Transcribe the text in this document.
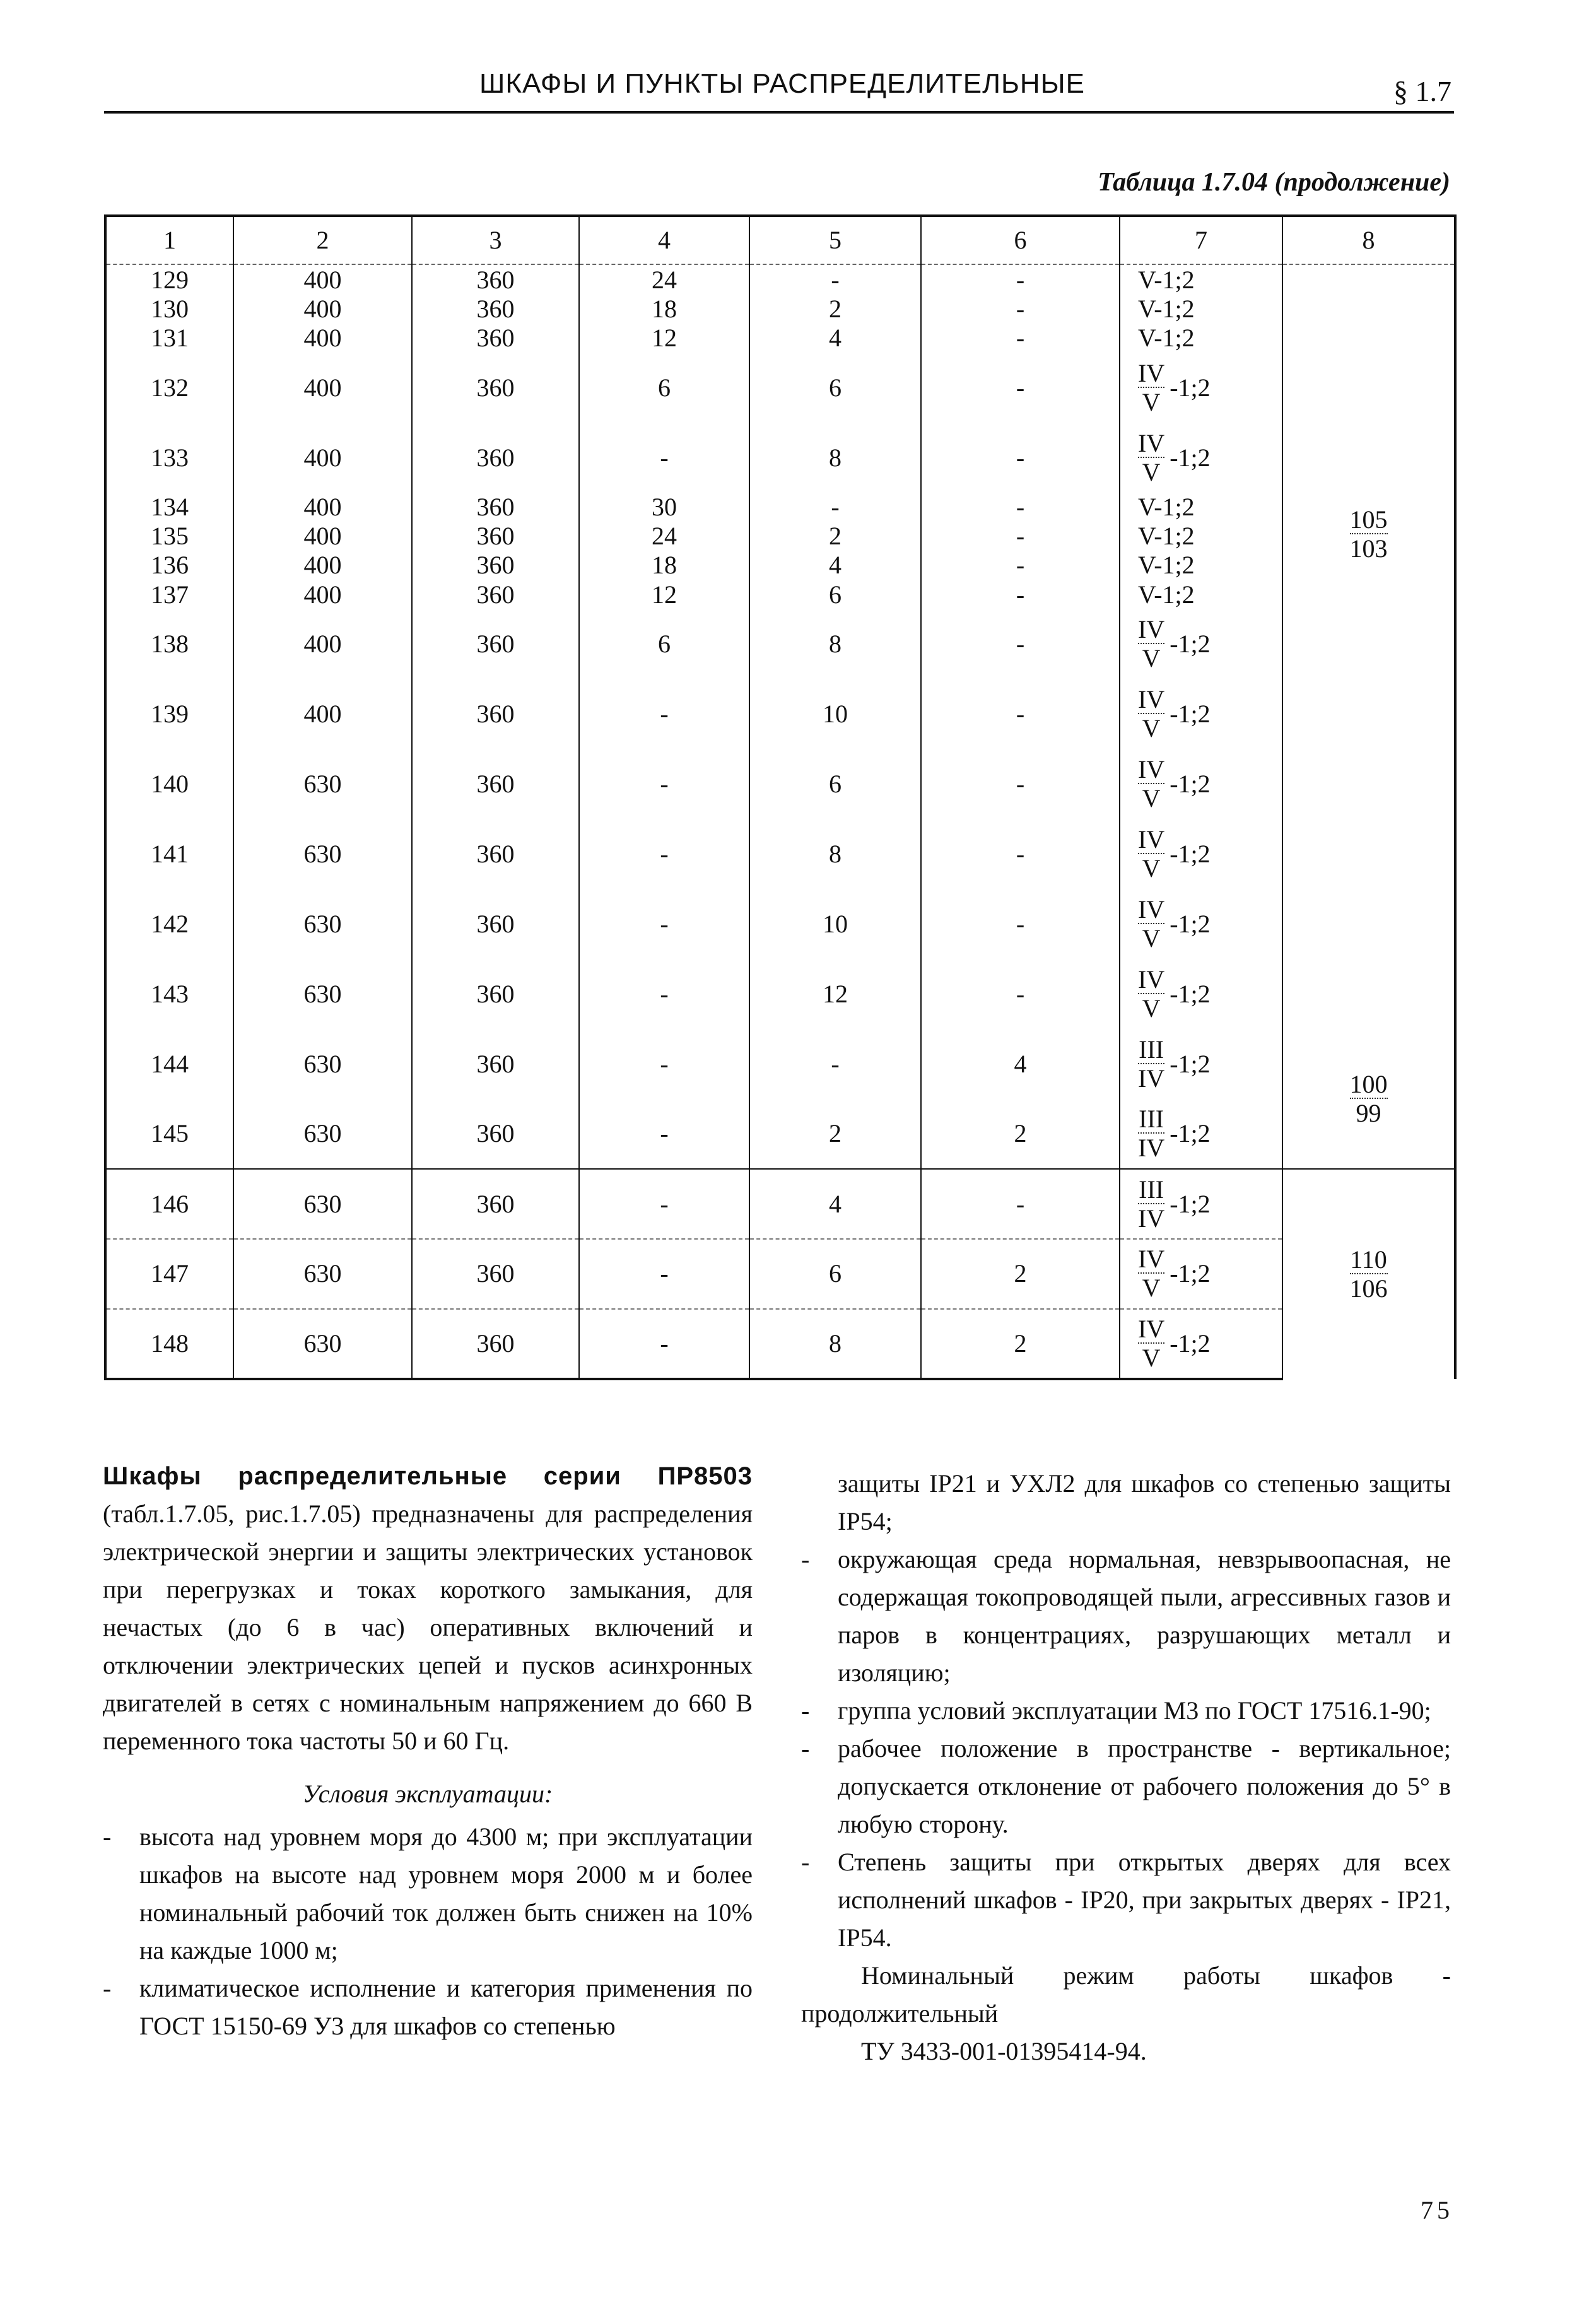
ШКАФЫ И ПУНКТЫ РАСПРЕДЕЛИТЕЛЬНЫЕ	§ 1.7
Таблица 1.7.04 (продолжение)
1	2	3	4	5	6	7	8
129	400	360	24	-	-	V-1;2	$\frac{105}{103}$

130	400	360	18	2	-	V-1;2	
131	400	360	12	4	-	V-1;2	
132	400	360	6	6	-	$\frac{IV}{V}$ -1;2	
133	400	360	-	8	-	$\frac{IV}{V}$ -1;2	
134	400	360	30	-	-	V-1;2	
135	400	360	24	2	-	V-1;2	
136	400	360	18	4	-	V-1;2	
137	400	360	12	6	-	V-1;2	
138	400	360	6	8	-	$\frac{IV}{V}$ -1;2	
139	400	360	-	10	-	$\frac{IV}{V}$ -1;2	
140	630	360	-	6	-	$\frac{IV}{V}$ -1;2	
141	630	360	-	8	-	$\frac{IV}{V}$ -1;2	
142	630	360	-	10	-	$\frac{IV}{V}$ -1;2	
143	630	360	-	12	-	$\frac{IV}{V}$ -1;2	
144	630	360	-	-	4	$\frac{\text{III}}{IV}$ -1;2	$\frac{100}{99}$

145	630	360	-	2	2	$\frac{\text{III}}{IV}$ -1;2	
146	630	360	-	4	-	$\frac{\text{III}}{IV}$ -1;2	$\frac{110}{106}$

147	630	360	-	6	2	$\frac{IV}{V}$ -1;2	
148	630	360	-	8	2	$\frac{IV}{V}$ -1;2	

Шкафы распределительные серии ПР8503 (табл.1.7.05, рис.1.7.05) предназначены для распределения электрической энергии и защиты электрических установок при перегрузках и токах короткого замыкания, для нечастых (до 6 в час) оперативных включений и отключении электрических цепей и пусков асинхронных двигателей в сетях с номинальным напряжением до 660 В переменного тока частоты 50 и 60 Гц.

Условия эксплуатации:

- высота над уровнем моря до 4300 м; при эксплуатации шкафов на высоте над уровнем моря 2000 м и более номинальный рабочий ток должен быть снижен на 10% на каждые 1000 м;

- климатическое исполнение и категория применения по ГОСТ 15150-69 У3 для шкафов со степенью

защиты IP21 и УХЛ2 для шкафов со степенью защиты IP54;

- окружающая среда нормальная, невзрывоопасная, не содержащая токопроводящей пыли, агрессивных газов и паров в концентрациях, разрушающих металл и изоляцию;

- группа условий эксплуатации М3 по ГОСТ 17516.1-90;

- рабочее положение в пространстве - вертикальное; допускается отклонение от рабочего положения до 5° в любую сторону.

- Степень защиты при открытых дверях для всех исполнений шкафов - IP20, при закрытых дверях - IP21, IP54.

Номинальный режим работы шкафов - продолжительный

ТУ 3433-001-01395414-94.

75
